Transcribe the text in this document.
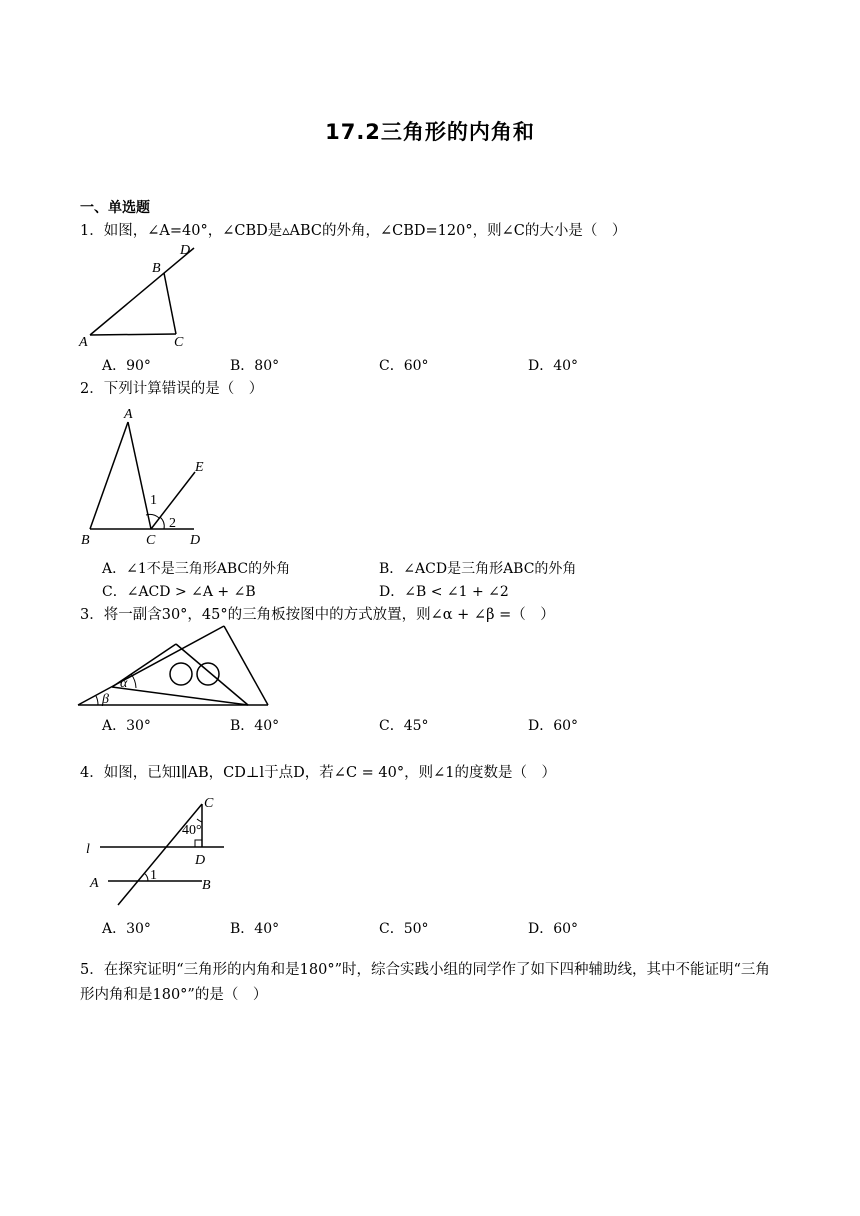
17.2三角形的内角和
一、单选题
1．如图，∠A=40°，∠CBD是▵ABC的外角，∠CBD=120°，则∠C的大小是（　）
D
B
A	C
A．90°	B．80°	C．60°	D．40°
2．下列计算错误的是（　）
A
E
1
2
B	C D
A．∠1不是三角形ABC的外角	B．∠ACD是三角形ABC的外角
C．∠ACD > ∠A + ∠B	D．∠B < ∠1 + ∠2
3．将一副含30°，45°的三角板按图中的方式放置，则∠α + ∠β =（　）
α
β
A．30°	B．40°	C．45°	D．60°
4．如图，已知l∥AB，CD⊥l于点D，若∠C = 40°，则∠1的度数是（　）
C
40°
l
D
A
1
B
A．30°	B．40°	C．50°	D．60°
5．在探究证明“三角形的内角和是180°”时，综合实践小组的同学作了如下四种辅助线，其中不能证明“三角形内角和是180°”的是（　）
